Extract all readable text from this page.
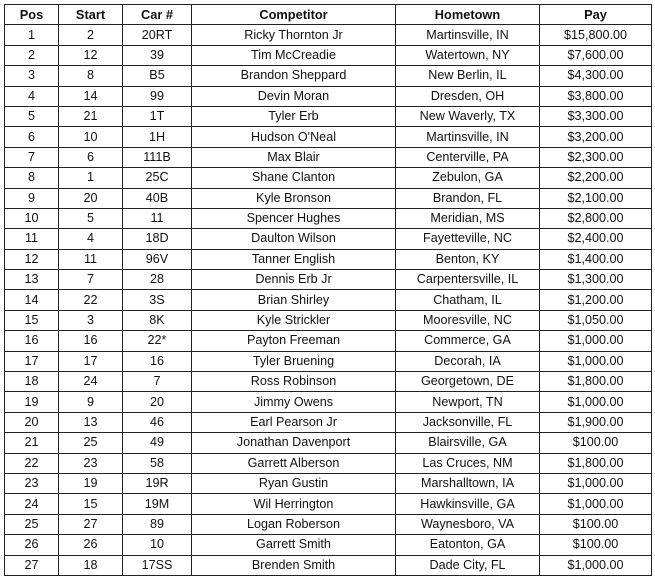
Pos	Start	Car #	Competitor	Hometown	Pay
1	2	20RT	Ricky Thornton Jr	Martinsville, IN	$15,800.00
2	12	39	Tim McCreadie	Watertown, NY	$7,600.00
3	8	B5	Brandon Sheppard	New Berlin, IL	$4,300.00
4	14	99	Devin Moran	Dresden, OH	$3,800.00
5	21	1T	Tyler Erb	New Waverly, TX	$3,300.00
6	10	1H	Hudson O'Neal	Martinsville, IN	$3,200.00
7	6	111B	Max Blair	Centerville, PA	$2,300.00
8	1	25C	Shane Clanton	Zebulon, GA	$2,200.00
9	20	40B	Kyle Bronson	Brandon, FL	$2,100.00
10	5	11	Spencer Hughes	Meridian, MS	$2,800.00
11	4	18D	Daulton Wilson	Fayetteville, NC	$2,400.00
12	11	96V	Tanner English	Benton, KY	$1,400.00
13	7	28	Dennis Erb Jr	Carpentersville, IL	$1,300.00
14	22	3S	Brian Shirley	Chatham, IL	$1,200.00
15	3	8K	Kyle Strickler	Mooresville, NC	$1,050.00
16	16	22*	Payton Freeman	Commerce, GA	$1,000.00
17	17	16	Tyler Bruening	Decorah, IA	$1,000.00
18	24	7	Ross Robinson	Georgetown, DE	$1,800.00
19	9	20	Jimmy Owens	Newport, TN	$1,000.00
20	13	46	Earl Pearson Jr	Jacksonville, FL	$1,900.00
21	25	49	Jonathan Davenport	Blairsville, GA	$100.00
22	23	58	Garrett Alberson	Las Cruces, NM	$1,800.00
23	19	19R	Ryan Gustin	Marshalltown, IA	$1,000.00
24	15	19M	Wil Herrington	Hawkinsville, GA	$1,000.00
25	27	89	Logan Roberson	Waynesboro, VA	$100.00
26	26	10	Garrett Smith	Eatonton, GA	$100.00
27	18	17SS	Brenden Smith	Dade City, FL	$1,000.00
